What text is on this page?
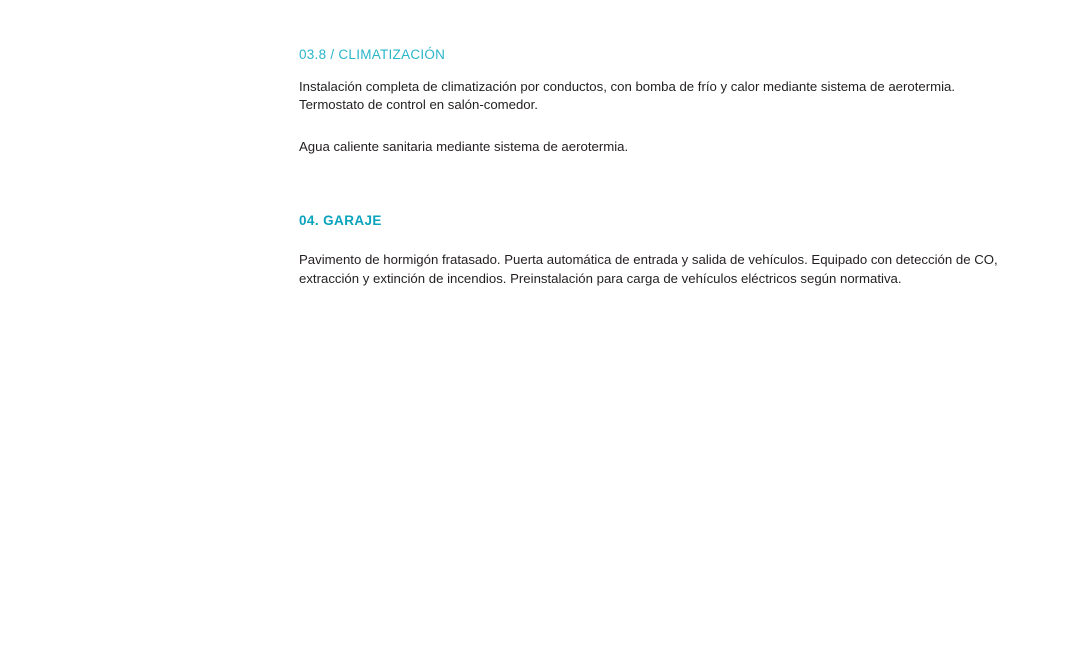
03.8 / CLIMATIZACIÓN

Instalación completa de climatización por conductos, con bomba de frío y calor mediante sistema de aerotermia. Termostato de control en salón-comedor.

Agua caliente sanitaria mediante sistema de aerotermia.

04. GARAJE

Pavimento de hormigón fratasado. Puerta automática de entrada y salida de vehículos. Equipado con detección de CO, extracción y extinción de incendios. Preinstalación para carga de vehículos eléctricos según normativa.
